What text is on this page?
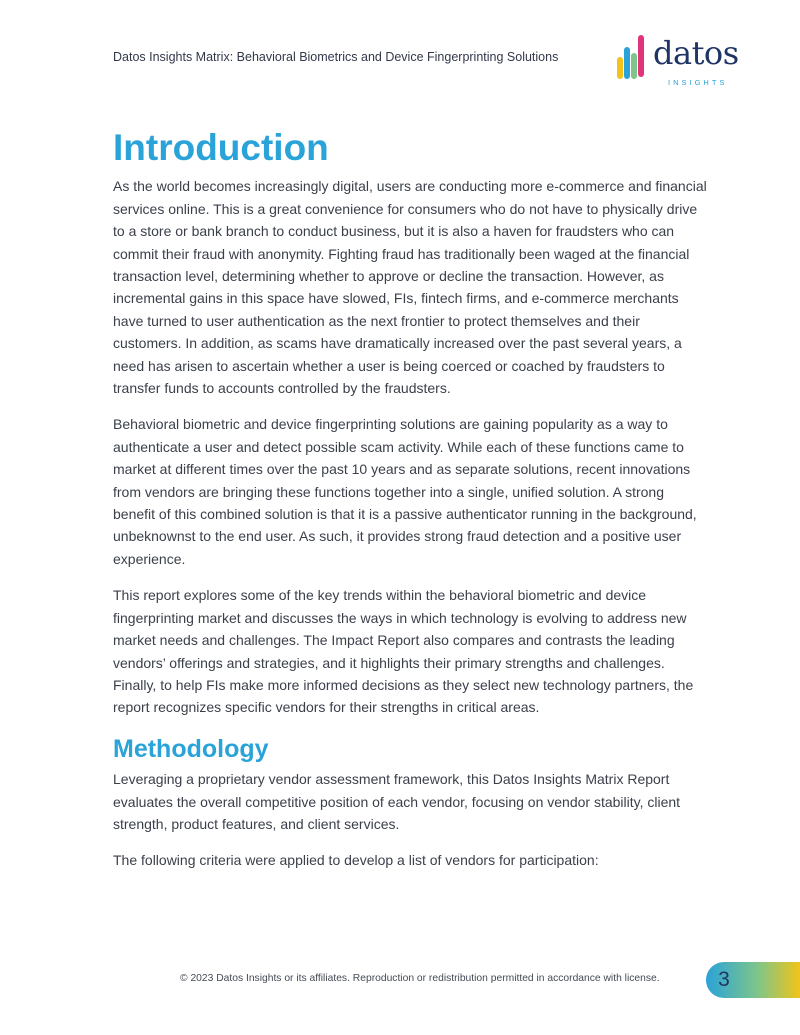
Datos Insights Matrix: Behavioral Biometrics and Device Fingerprinting Solutions	datos
INSIGHTS
Introduction

As the world becomes increasingly digital, users are conducting more e-commerce and financial services online. This is a great convenience for consumers who do not have to physically drive to a store or bank branch to conduct business, but it is also a haven for fraudsters who can commit their fraud with anonymity. Fighting fraud has traditionally been waged at the financial transaction level, determining whether to approve or decline the transaction. However, as incremental gains in this space have slowed, FIs, fintech firms, and e-commerce merchants have turned to user authentication as the next frontier to protect themselves and their customers. In addition, as scams have dramatically increased over the past several years, a need has arisen to ascertain whether a user is being coerced or coached by fraudsters to transfer funds to accounts controlled by the fraudsters.

Behavioral biometric and device fingerprinting solutions are gaining popularity as a way to authenticate a user and detect possible scam activity. While each of these functions came to market at different times over the past 10 years and as separate solutions, recent innovations from vendors are bringing these functions together into a single, unified solution. A strong benefit of this combined solution is that it is a passive authenticator running in the background, unbeknownst to the end user. As such, it provides strong fraud detection and a positive user experience.

This report explores some of the key trends within the behavioral biometric and device fingerprinting market and discusses the ways in which technology is evolving to address new market needs and challenges. The Impact Report also compares and contrasts the leading vendors’ offerings and strategies, and it highlights their primary strengths and challenges. Finally, to help FIs make more informed decisions as they select new technology partners, the report recognizes specific vendors for their strengths in critical areas.

Methodology

Leveraging a proprietary vendor assessment framework, this Datos Insights Matrix Report evaluates the overall competitive position of each vendor, focusing on vendor stability, client strength, product features, and client services.

The following criteria were applied to develop a list of vendors for participation:

© 2023 Datos Insights or its affiliates. Reproduction or redistribution permitted in accordance with license.	3
